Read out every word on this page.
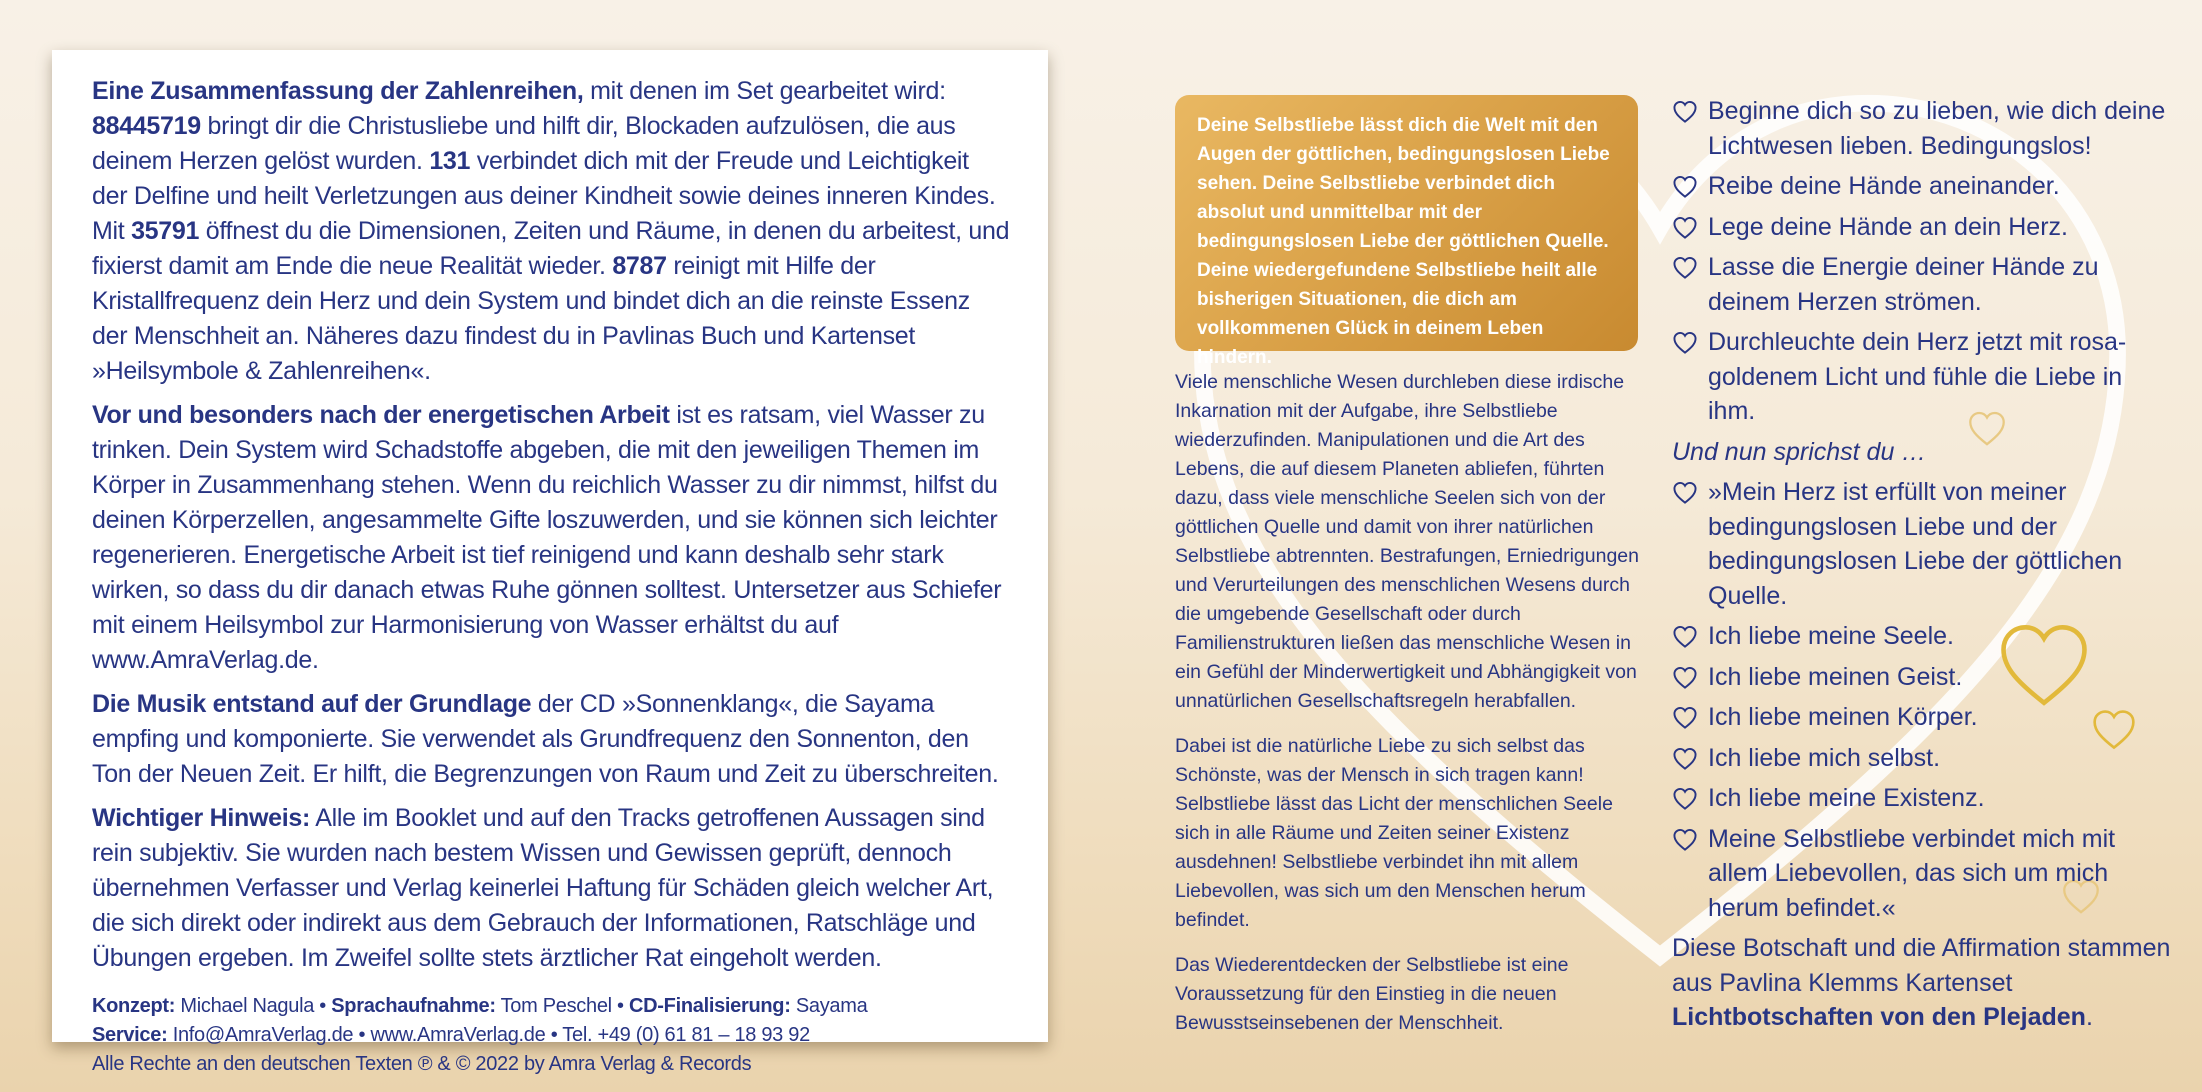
Eine Zusammenfassung der Zahlenreihen, mit denen im Set gearbeitet wird: 88445719 bringt dir die Christusliebe und hilft dir, Blockaden aufzulösen, die aus deinem Herzen gelöst wurden. 131 verbindet dich mit der Freude und Leichtigkeit der Delfine und heilt Verletzungen aus deiner Kindheit sowie deines inneren Kindes. Mit 35791 öffnest du die Dimensionen, Zeiten und Räume, in denen du arbeitest, und fixierst damit am Ende die neue Realität wieder. 8787 reinigt mit Hilfe der Kristallfrequenz dein Herz und dein System und bindet dich an die reinste Essenz der Menschheit an. Näheres dazu findest du in Pavlinas Buch und Kartenset »Heilsymbole & Zahlenreihen«.

Vor und besonders nach der energetischen Arbeit ist es ratsam, viel Wasser zu trinken. Dein System wird Schadstoffe abgeben, die mit den jeweiligen Themen im Körper in Zusammenhang stehen. Wenn du reichlich Wasser zu dir nimmst, hilfst du deinen Körperzellen, angesammelte Gifte loszuwerden, und sie können sich leichter regenerieren. Energetische Arbeit ist tief reinigend und kann deshalb sehr stark wirken, so dass du dir danach etwas Ruhe gönnen solltest. Untersetzer aus Schiefer mit einem Heilsymbol zur Harmonisierung von Wasser erhältst du auf www.AmraVerlag.de.

Die Musik entstand auf der Grundlage der CD »Sonnenklang«, die Sayama empfing und komponierte. Sie verwendet als Grundfrequenz den Sonnenton, den Ton der Neuen Zeit. Er hilft, die Begrenzungen von Raum und Zeit zu überschreiten.

Wichtiger Hinweis: Alle im Booklet und auf den Tracks getroffenen Aussagen sind rein subjektiv. Sie wurden nach bestem Wissen und Gewissen geprüft, dennoch übernehmen Verfasser und Verlag keinerlei Haftung für Schäden gleich welcher Art, die sich direkt oder indirekt aus dem Gebrauch der Informationen, Ratschläge und Übungen ergeben. Im Zweifel sollte stets ärztlicher Rat eingeholt werden.

Konzept: Michael Nagula • Sprachaufnahme: Tom Peschel • CD-Finalisierung: Sayama
Service: Info@AmraVerlag.de • www.AmraVerlag.de • Tel. +49 (0) 61 81 – 18 93 92
Alle Rechte an den deutschen Texten ℗ & © 2022 by Amra Verlag & Records
Deine Selbstliebe lässt dich die Welt mit den Augen der göttlichen, bedingungslosen Liebe sehen. Deine Selbstliebe verbindet dich absolut und unmittelbar mit der bedingungslosen Liebe der göttlichen Quelle. Deine wiedergefundene Selbstliebe heilt alle bisherigen Situationen, die dich am vollkommenen Glück in deinem Leben hindern.

Viele menschliche Wesen durchleben diese irdische Inkarnation mit der Aufgabe, ihre Selbstliebe wiederzufinden. Manipulationen und die Art des Lebens, die auf diesem Planeten abliefen, führten dazu, dass viele menschliche Seelen sich von der göttlichen Quelle und damit von ihrer natürlichen Selbstliebe abtrennten. Bestrafungen, Erniedrigungen und Verurteilungen des menschlichen Wesens durch die umgebende Gesellschaft oder durch Familienstrukturen ließen das menschliche Wesen in ein Gefühl der Minderwertigkeit und Abhängigkeit von unnatürlichen Gesellschaftsregeln herabfallen.

Dabei ist die natürliche Liebe zu sich selbst das Schönste, was der Mensch in sich tragen kann! Selbstliebe lässt das Licht der menschlichen Seele sich in alle Räume und Zeiten seiner Existenz ausdehnen! Selbstliebe verbindet ihn mit allem Liebevollen, was sich um den Menschen herum befindet.

Das Wiederentdecken der Selbstliebe ist eine Voraussetzung für den Einstieg in die neuen Bewusstseinsebenen der Menschheit.

Beginne dich so zu lieben, wie dich deine Lichtwesen lieben. Bedingungslos!
Reibe deine Hände aneinander.
Lege deine Hände an dein Herz.
Lasse die Energie deiner Hände zu deinem Herzen strömen.
Durchleuchte dein Herz jetzt mit rosa-goldenem Licht und fühle die Liebe in ihm.
Und nun sprichst du …
»Mein Herz ist erfüllt von meiner bedingungslosen Liebe und der bedingungslosen Liebe der göttlichen Quelle.
Ich liebe meine Seele.
Ich liebe meinen Geist.
Ich liebe meinen Körper.
Ich liebe mich selbst.
Ich liebe meine Existenz.
Meine Selbstliebe verbindet mich mit allem Liebevollen, das sich um mich herum befindet.«
Diese Botschaft und die Affirmation stammen aus Pavlina Klemms Kartenset Lichtbotschaften von den Plejaden.
